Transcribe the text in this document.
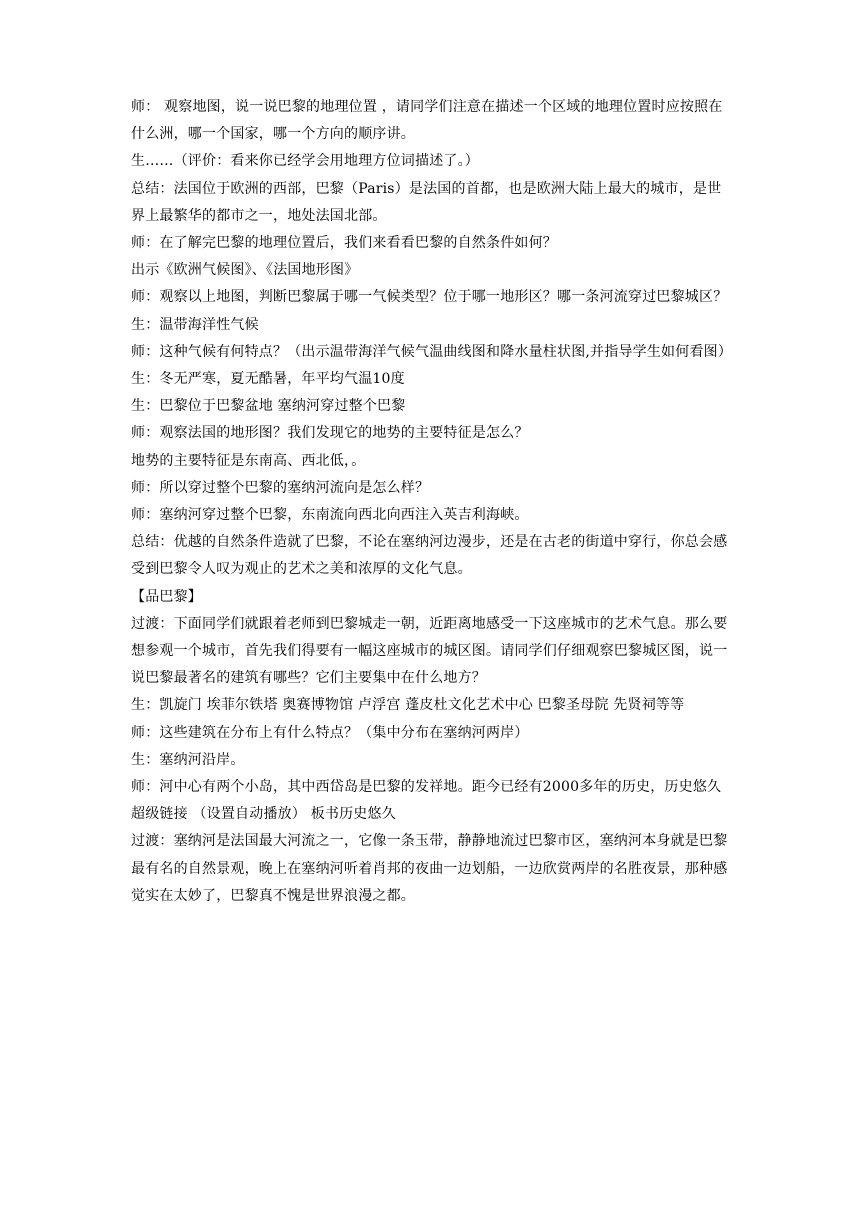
师： 观察地图，说一说巴黎的地理位置 ，请同学们注意在描述一个区域的地理位置时应按照在什么洲，哪一个国家，哪一个方向的顺序讲。

生……（评价：看来你已经学会用地理方位词描述了。）

总结：法国位于欧洲的西部，巴黎（Paris）是法国的首都，也是欧洲大陆上最大的城市，是世界上最繁华的都市之一，地处法国北部。

师：在了解完巴黎的地理位置后，我们来看看巴黎的自然条件如何？

出示《欧洲气候图》、《法国地形图》

师：观察以上地图，判断巴黎属于哪一气候类型？位于哪一地形区？哪一条河流穿过巴黎城区？

生：温带海洋性气候

师：这种气候有何特点？（出示温带海洋气候气温曲线图和降水量柱状图,并指导学生如何看图）

生：冬无严寒，夏无酷暑，年平均气温10度

生：巴黎位于巴黎盆地 塞纳河穿过整个巴黎

师：观察法国的地形图？我们发现它的地势的主要特征是怎么？

地势的主要特征是东南高、西北低，。

师：所以穿过整个巴黎的塞纳河流向是怎么样？

师：塞纳河穿过整个巴黎，东南流向西北向西注入英吉利海峡。

总结：优越的自然条件造就了巴黎，不论在塞纳河边漫步，还是在古老的街道中穿行，你总会感受到巴黎令人叹为观止的艺术之美和浓厚的文化气息。

【品巴黎】

过渡：下面同学们就跟着老师到巴黎城走一朝，近距离地感受一下这座城市的艺术气息。那么要想参观一个城市，首先我们得要有一幅这座城市的城区图。请同学们仔细观察巴黎城区图，说一说巴黎最著名的建筑有哪些？它们主要集中在什么地方？

生：凯旋门 埃菲尔铁塔 奥赛博物馆 卢浮宫 蓬皮杜文化艺术中心 巴黎圣母院 先贤祠等等

师：这些建筑在分布上有什么特点？（集中分布在塞纳河两岸）

生：塞纳河沿岸。

师：河中心有两个小岛，其中西岱岛是巴黎的发祥地。距今已经有2000多年的历史，历史悠久 超级链接 （设置自动播放） 板书历史悠久

过渡：塞纳河是法国最大河流之一，它像一条玉带，静静地流过巴黎市区，塞纳河本身就是巴黎最有名的自然景观，晚上在塞纳河听着肖邦的夜曲一边划船，一边欣赏两岸的名胜夜景，那种感觉实在太妙了，巴黎真不愧是世界浪漫之都。
